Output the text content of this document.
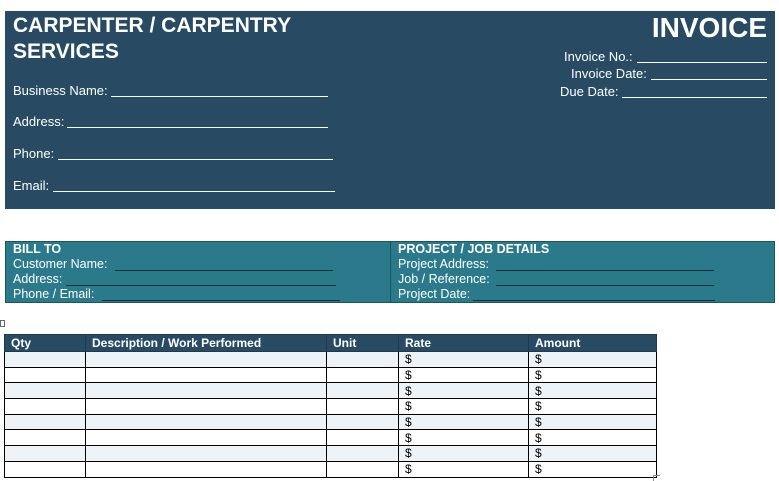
CARPENTER / CARPENTRY
SERVICES
Business Name:
Address:
Phone:
Email:
INVOICE
Invoice No.:
Invoice Date:
Due Date:
BILL TO
Customer Name:
Address:
Phone / Email:
PROJECT / JOB DETAILS
Project Address:
Job / Reference:
Project Date:
Qty	Description / Work Performed	Unit	Rate	Amount
			$	$
			$	$
			$	$
			$	$
			$	$
			$	$
			$	$
			$	$
